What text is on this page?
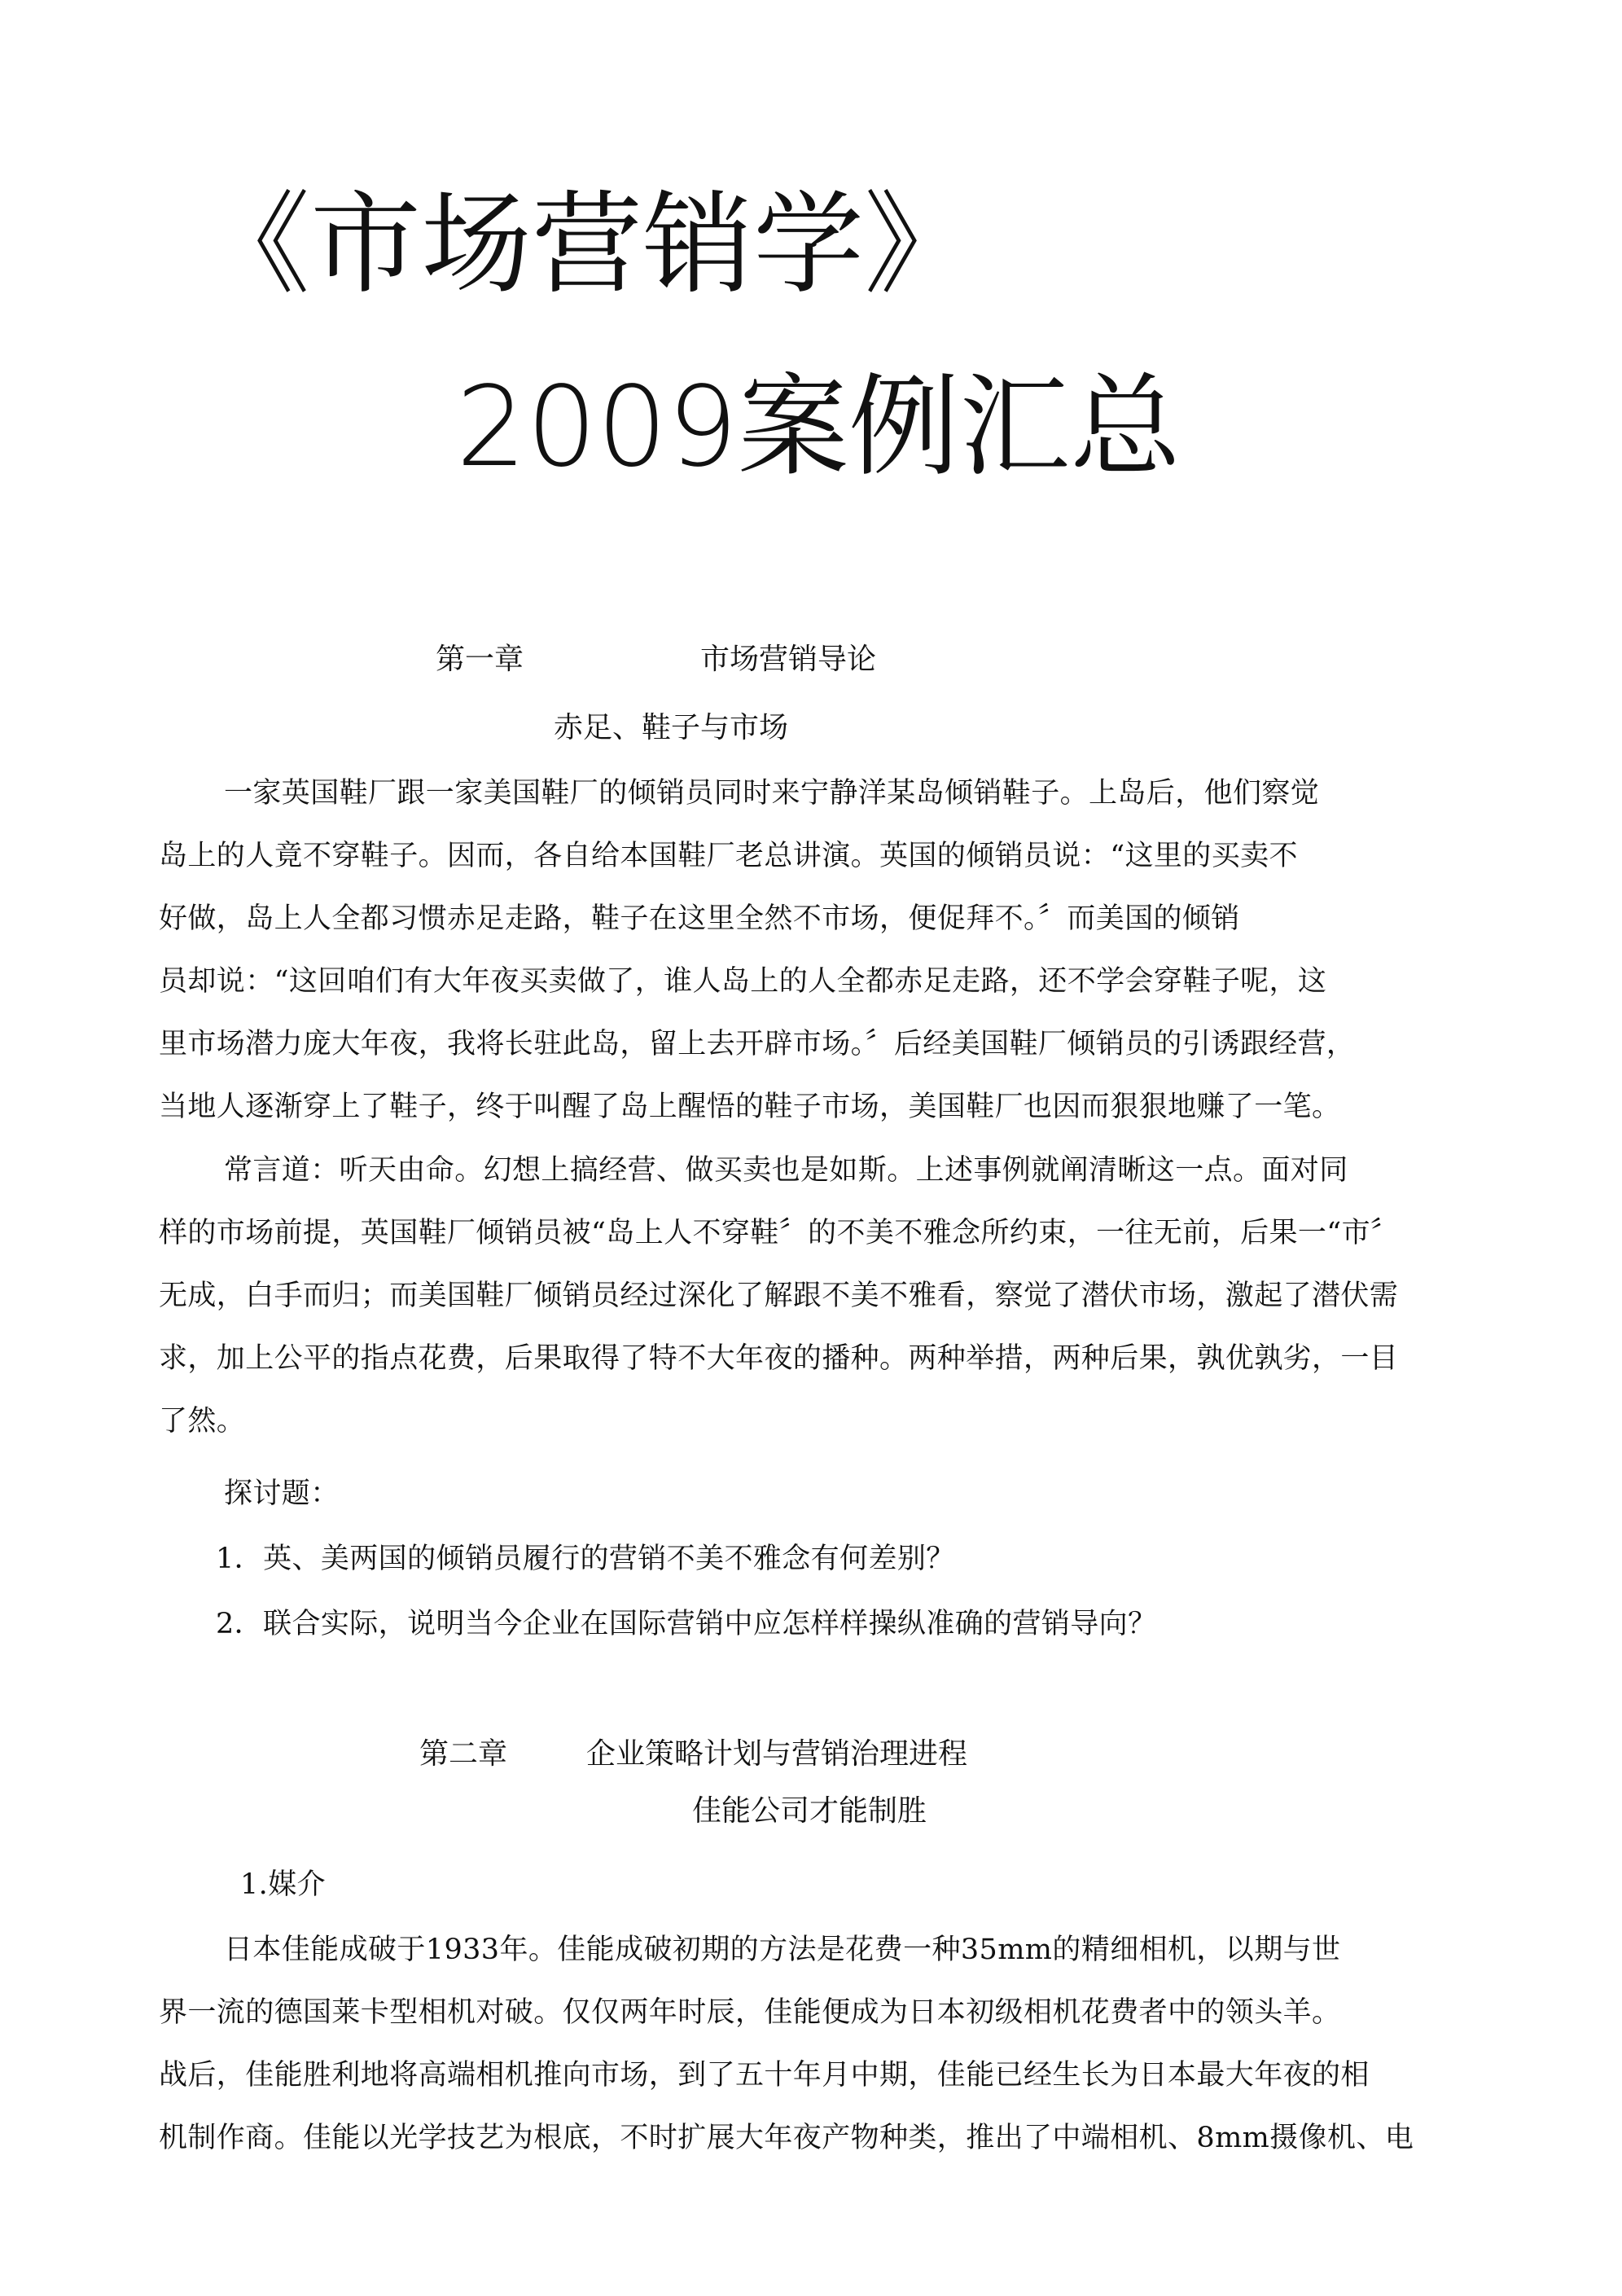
《市场营销学》
2009案例汇总
第一章	市场营销导论
赤足、鞋子与市场
一家英国鞋厂跟一家美国鞋厂的倾销员同时来宁静洋某岛倾销鞋子。上岛后，他们察觉
岛上的人竟不穿鞋子。因而，各自给本国鞋厂老总讲演。英国的倾销员说：“这里的买卖不
好做，岛上人全都习惯赤足走路，鞋子在这里全然不市场，便促拜不。〞而美国的倾销
员却说：“这回咱们有大年夜买卖做了，谁人岛上的人全都赤足走路，还不学会穿鞋子呢，这
里市场潜力庞大年夜，我将长驻此岛，留上去开辟市场。〞后经美国鞋厂倾销员的引诱跟经营，
当地人逐渐穿上了鞋子，终于叫醒了岛上醒悟的鞋子市场，美国鞋厂也因而狠狠地赚了一笔。
常言道：听天由命。幻想上搞经营、做买卖也是如斯。上述事例就阐清晰这一点。面对同
样的市场前提，英国鞋厂倾销员被“岛上人不穿鞋〞的不美不雅念所约束，一往无前，后果一“市〞
无成，白手而归；而美国鞋厂倾销员经过深化了解跟不美不雅看，察觉了潜伏市场，激起了潜伏需
求，加上公平的指点花费，后果取得了特不大年夜的播种。两种举措，两种后果，孰优孰劣，一目
了然。
探讨题：
1．英、美两国的倾销员履行的营销不美不雅念有何差别？
2．联合实际，说明当今企业在国际营销中应怎样样操纵准确的营销导向？
第二章	企业策略计划与营销治理进程
佳能公司才能制胜
1.媒介
日本佳能成破于1933年。佳能成破初期的方法是花费一种35mm的精细相机，以期与世
界一流的德国莱卡型相机对破。仅仅两年时辰，佳能便成为日本初级相机花费者中的领头羊。
战后，佳能胜利地将高端相机推向市场，到了五十年月中期，佳能已经生长为日本最大年夜的相
机制作商。佳能以光学技艺为根底，不时扩展大年夜产物种类，推出了中端相机、8mm摄像机、电
